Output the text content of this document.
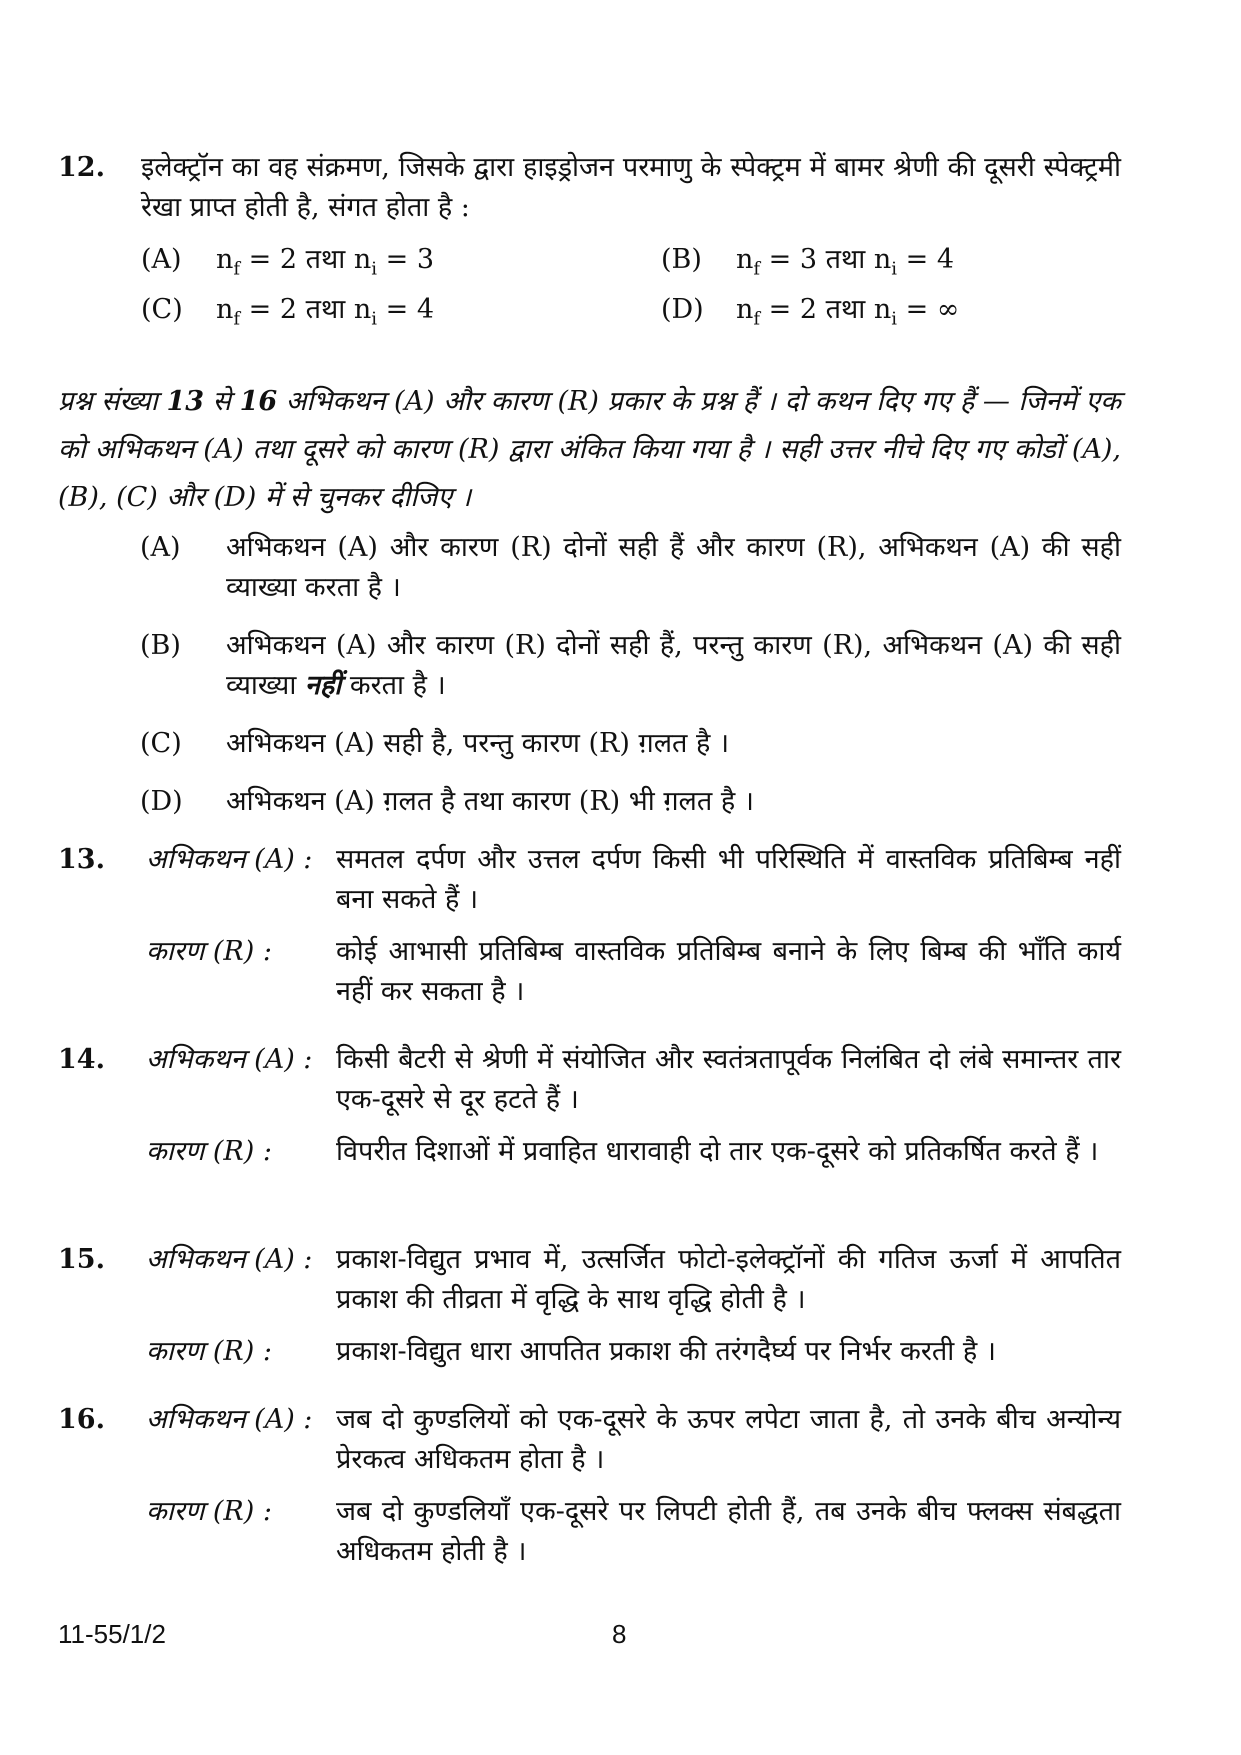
12. इलेक्ट्रॉन का वह संक्रमण, जिसके द्वारा हाइड्रोजन परमाणु के स्पेक्ट्रम में बामर श्रेणी की दूसरी स्पेक्ट्रमी रेखा प्राप्त होती है, संगत होता है :
(A)	$n_f = 2$ तथा $n_i = 3$	(B)	$n_f = 3$ तथा $n_i = 4$
(C)	$n_f = 2$ तथा $n_i = 4$	(D)	$n_f = 2$ तथा $n_i$ = ∞
प्रश्न संख्या 13 से 16 अभिकथन (A) और कारण (R) प्रकार के प्रश्न हैं । दो कथन दिए गए हैं — जिनमें एक को अभिकथन (A) तथा दूसरे को कारण (R) द्वारा अंकित किया गया है । सही उत्तर नीचे दिए गए कोडों (A), (B), (C) और (D) में से चुनकर दीजिए ।
(A)	अभिकथन (A) और कारण (R) दोनों सही हैं और कारण (R), अभिकथन (A) की सही व्याख्या करता है ।
(B)	अभिकथन (A) और कारण (R) दोनों सही हैं, परन्तु कारण (R), अभिकथन (A) की सही व्याख्या नहीं करता है ।
(C)	अभिकथन (A) सही है, परन्तु कारण (R) ग़लत है ।
(D)	अभिकथन (A) ग़लत है तथा कारण (R) भी ग़लत है ।
13. अभिकथन (A) : समतल दर्पण और उत्तल दर्पण किसी भी परिस्थिति में वास्तविक प्रतिबिम्ब नहीं बना सकते हैं ।
कारण (R) :	कोई आभासी प्रतिबिम्ब वास्तविक प्रतिबिम्ब बनाने के लिए बिम्ब की भाँति कार्य नहीं कर सकता है ।
14. अभिकथन (A) : किसी बैटरी से श्रेणी में संयोजित और स्वतंत्रतापूर्वक निलंबित दो लंबे समान्तर तार एक-दूसरे से दूर हटते हैं ।
कारण (R) :	विपरीत दिशाओं में प्रवाहित धारावाही दो तार एक-दूसरे को प्रतिकर्षित करते हैं ।
15. अभिकथन (A) : प्रकाश-विद्युत प्रभाव में, उत्सर्जित फोटो-इलेक्ट्रॉनों की गतिज ऊर्जा में आपतित प्रकाश की तीव्रता में वृद्धि के साथ वृद्धि होती है ।
कारण (R) :	प्रकाश-विद्युत धारा आपतित प्रकाश की तरंगदैर्घ्य पर निर्भर करती है ।
16. अभिकथन (A) : जब दो कुण्डलियों को एक-दूसरे के ऊपर लपेटा जाता है, तो उनके बीच अन्योन्य प्रेरकत्व अधिकतम होता है ।
कारण (R) :	जब दो कुण्डलियाँ एक-दूसरे पर लिपटी होती हैं, तब उनके बीच फ्लक्स संबद्धता अधिकतम होती है ।
11-55/1/2	8
